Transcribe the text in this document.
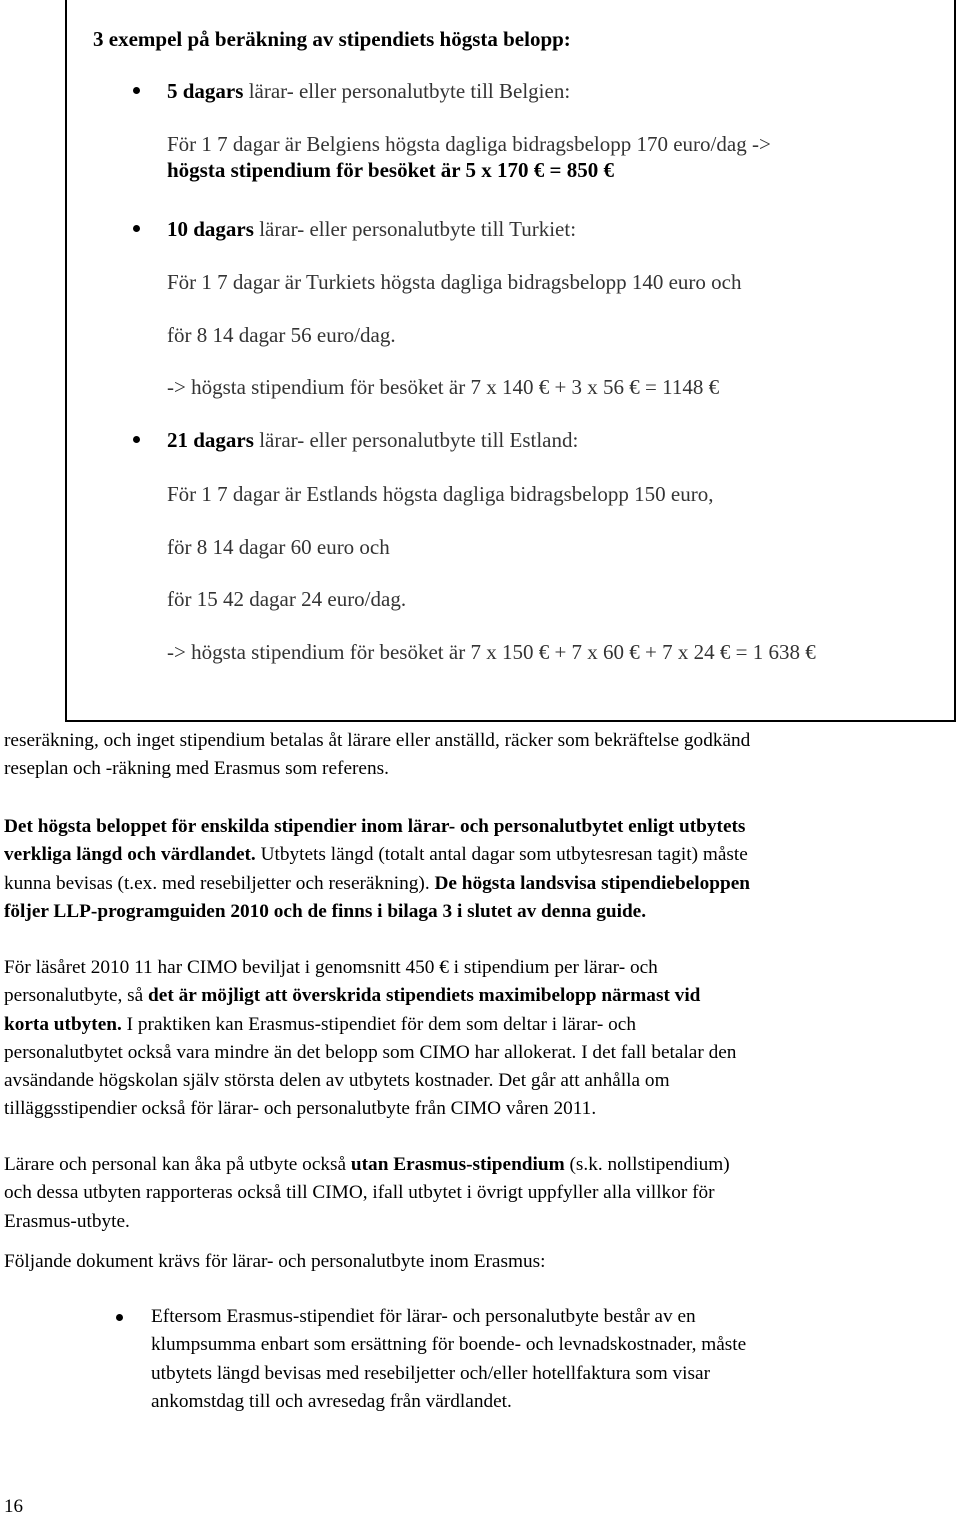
3 exempel på beräkning av stipendiets högsta belopp:
5 dagars lärar- eller personalutbyte till Belgien:
För 1 7 dagar är Belgiens högsta dagliga bidragsbelopp 170 euro/dag ->
högsta stipendium för besöket är 5 x 170 € = 850 €
10 dagars lärar- eller personalutbyte till Turkiet:
För 1 7 dagar är Turkiets högsta dagliga bidragsbelopp 140 euro och
för 8 14 dagar 56 euro/dag.
-> högsta stipendium för besöket är 7 x 140 € + 3 x 56 € = 1148 €
21 dagars lärar- eller personalutbyte till Estland:
För 1 7 dagar är Estlands högsta dagliga bidragsbelopp 150 euro,
för 8 14 dagar 60 euro och
för 15 42 dagar 24 euro/dag.
-> högsta stipendium för besöket är 7 x 150 € + 7 x 60 € + 7 x 24 € = 1 638 €
reseräkning, och inget stipendium betalas åt lärare eller anställd, räcker som bekräftelse godkänd
reseplan och -räkning med Erasmus som referens.
Det högsta beloppet för enskilda stipendier inom lärar- och personalutbytet enligt utbytets
verkliga längd och värdlandet. Utbytets längd (totalt antal dagar som utbytesresan tagit) måste
kunna bevisas (t.ex. med resebiljetter och reseräkning). De högsta landsvisa stipendiebeloppen
följer LLP-programguiden 2010 och de finns i bilaga 3 i slutet av denna guide.
För läsåret 2010 11 har CIMO beviljat i genomsnitt 450 € i stipendium per lärar- och
personalutbyte, så det är möjligt att överskrida stipendiets maximibelopp närmast vid
korta utbyten. I praktiken kan Erasmus-stipendiet för dem som deltar i lärar- och
personalutbytet också vara mindre än det belopp som CIMO har allokerat. I det fall betalar den
avsändande högskolan själv största delen av utbytets kostnader. Det går att anhålla om
tilläggsstipendier också för lärar- och personalutbyte från CIMO våren 2011.
Lärare och personal kan åka på utbyte också utan Erasmus-stipendium (s.k. nollstipendium)
och dessa utbyten rapporteras också till CIMO, ifall utbytet i övrigt uppfyller alla villkor för
Erasmus-utbyte.
Följande dokument krävs för lärar- och personalutbyte inom Erasmus:
Eftersom Erasmus-stipendiet för lärar- och personalutbyte består av en
klumpsumma enbart som ersättning för boende- och levnadskostnader, måste
utbytets längd bevisas med resebiljetter och/eller hotellfaktura som visar
ankomstdag till och avresedag från värdlandet.
16
